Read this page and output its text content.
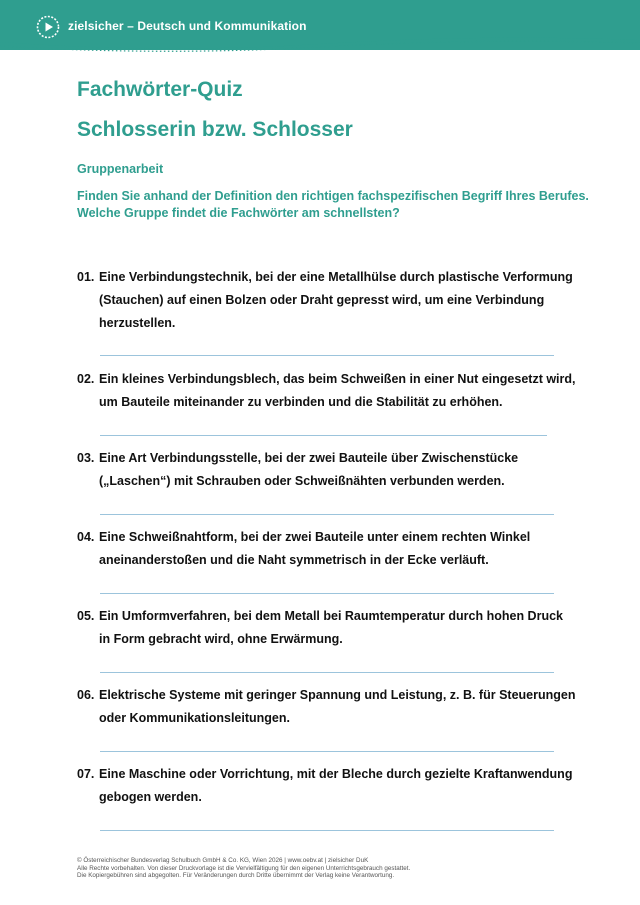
zielsicher – Deutsch und Kommunikation
Fachwörter-Quiz
Schlosserin bzw. Schlosser
Gruppenarbeit
Finden Sie anhand der Definition den richtigen fachspezifischen Begriff Ihres Berufes. Welche Gruppe findet die Fachwörter am schnellsten?
01. Eine Verbindungstechnik, bei der eine Metallhülse durch plastische Verformung (Stauchen) auf einen Bolzen oder Draht gepresst wird, um eine Verbindung herzustellen.
02. Ein kleines Verbindungsblech, das beim Schweißen in einer Nut eingesetzt wird, um Bauteile miteinander zu verbinden und die Stabilität zu erhöhen.
03. Eine Art Verbindungsstelle, bei der zwei Bauteile über Zwischenstücke („Laschen“) mit Schrauben oder Schweißnähten verbunden werden.
04. Eine Schweißnahtform, bei der zwei Bauteile unter einem rechten Winkel aneinanderstoßen und die Naht symmetrisch in der Ecke verläuft.
05. Ein Umformverfahren, bei dem Metall bei Raumtemperatur durch hohen Druck in Form gebracht wird, ohne Erwärmung.
06. Elektrische Systeme mit geringer Spannung und Leistung, z. B. für Steuerungen oder Kommunikationsleitungen.
07. Eine Maschine oder Vorrichtung, mit der Bleche durch gezielte Kraftanwendung gebogen werden.
© Österreichischer Bundesverlag Schulbuch GmbH & Co. KG, Wien 2026 | www.oebv.at | zielsicher DuK
Alle Rechte vorbehalten. Von dieser Druckvorlage ist die Vervielfältigung für den eigenen Unterrichtsgebrauch gestattet.
Die Kopiergebühren sind abgegolten. Für Veränderungen durch Dritte übernimmt der Verlag keine Verantwortung.
